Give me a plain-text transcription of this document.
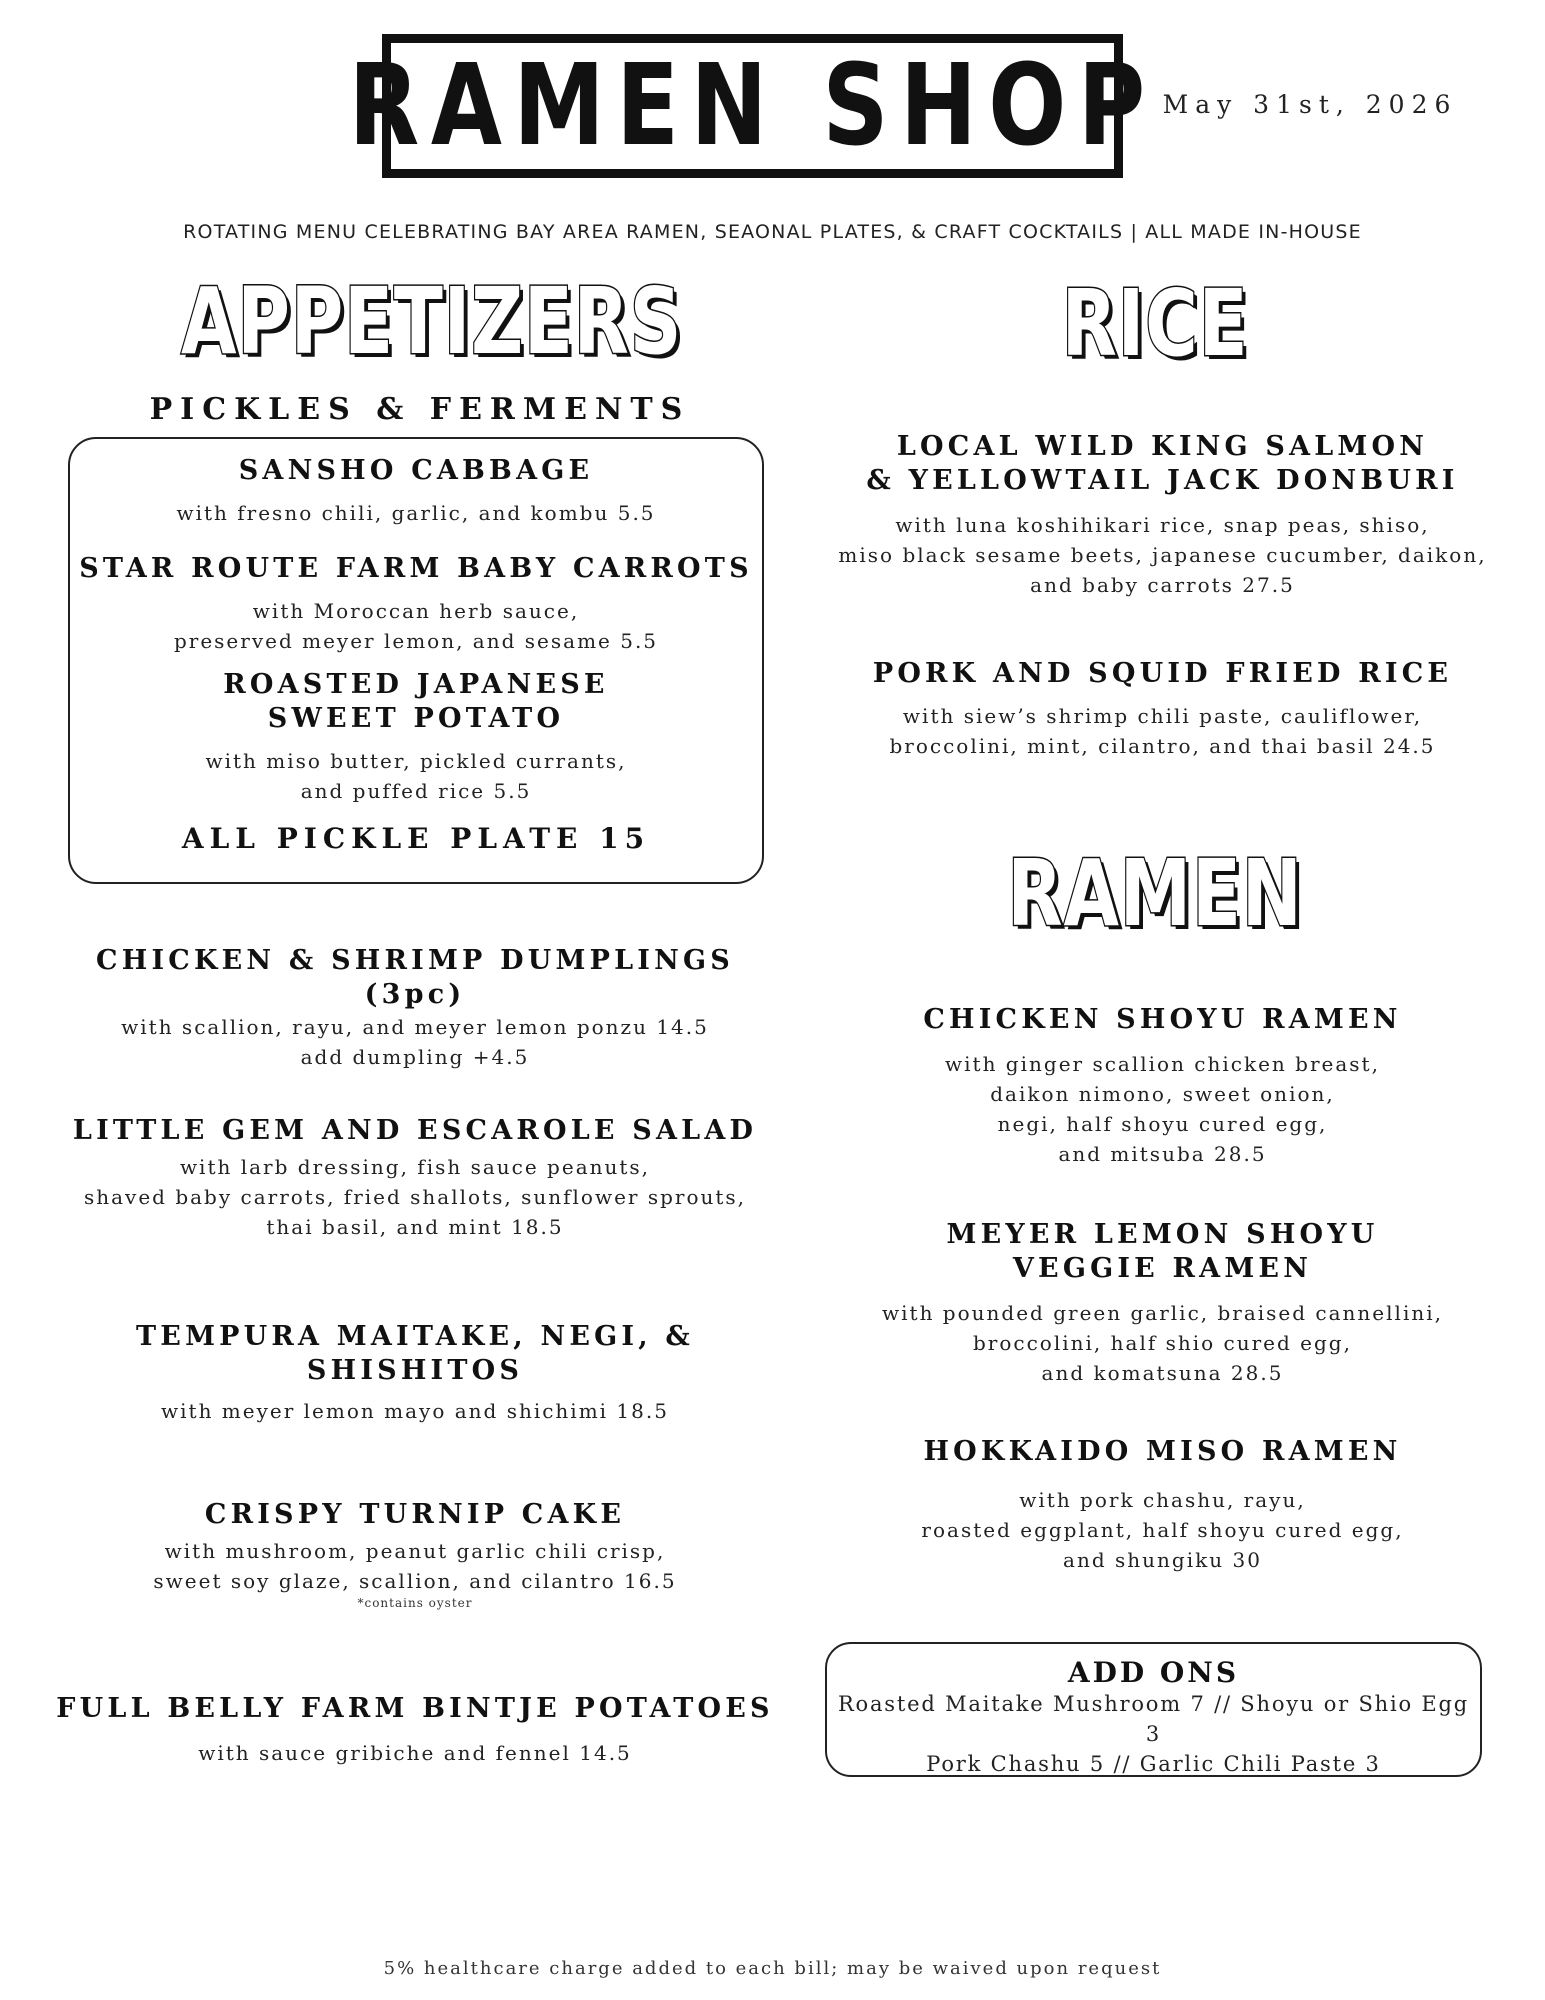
RAMEN SHOP May 31st, 2026
ROTATING MENU CELEBRATING BAY AREA RAMEN, SEAONAL PLATES, & CRAFT COCKTAILS | ALL MADE IN-HOUSE
APPETIZERS
PICKLES & FERMENTS
SANSHO CABBAGE
with fresno chili, garlic, and kombu 5.5
STAR ROUTE FARM BABY CARROTS
with Moroccan herb sauce,
preserved meyer lemon, and sesame 5.5
ROASTED JAPANESE
SWEET POTATO
with miso butter, pickled currants,
and puffed rice 5.5
ALL PICKLE PLATE 15
CHICKEN & SHRIMP DUMPLINGS (3pc)
with scallion, rayu, and meyer lemon ponzu 14.5
add dumpling +4.5
LITTLE GEM AND ESCAROLE SALAD
with larb dressing, fish sauce peanuts,
shaved baby carrots, fried shallots, sunflower sprouts,
thai basil, and mint 18.5
TEMPURA MAITAKE, NEGI, &
SHISHITOS
with meyer lemon mayo and shichimi 18.5
CRISPY TURNIP CAKE
with mushroom, peanut garlic chili crisp,
sweet soy glaze, scallion, and cilantro 16.5
*contains oyster
FULL BELLY FARM BINTJE POTATOES
with sauce gribiche and fennel 14.5
RICE
LOCAL WILD KING SALMON
& YELLOWTAIL JACK DONBURI
with luna koshihikari rice, snap peas, shiso,
miso black sesame beets, japanese cucumber, daikon,
and baby carrots 27.5
PORK AND SQUID FRIED RICE
with siew’s shrimp chili paste, cauliflower,
broccolini, mint, cilantro, and thai basil 24.5
RAMEN
CHICKEN SHOYU RAMEN
with ginger scallion chicken breast,
daikon nimono, sweet onion,
negi, half shoyu cured egg,
and mitsuba 28.5
MEYER LEMON SHOYU
VEGGIE RAMEN
with pounded green garlic, braised cannellini,
broccolini, half shio cured egg,
and komatsuna 28.5
HOKKAIDO MISO RAMEN
with pork chashu, rayu,
roasted eggplant, half shoyu cured egg,
and shungiku 30
ADD ONS
Roasted Maitake Mushroom 7 // Shoyu or Shio Egg 3
Pork Chashu 5 // Garlic Chili Paste 3
5% healthcare charge added to each bill; may be waived upon request
